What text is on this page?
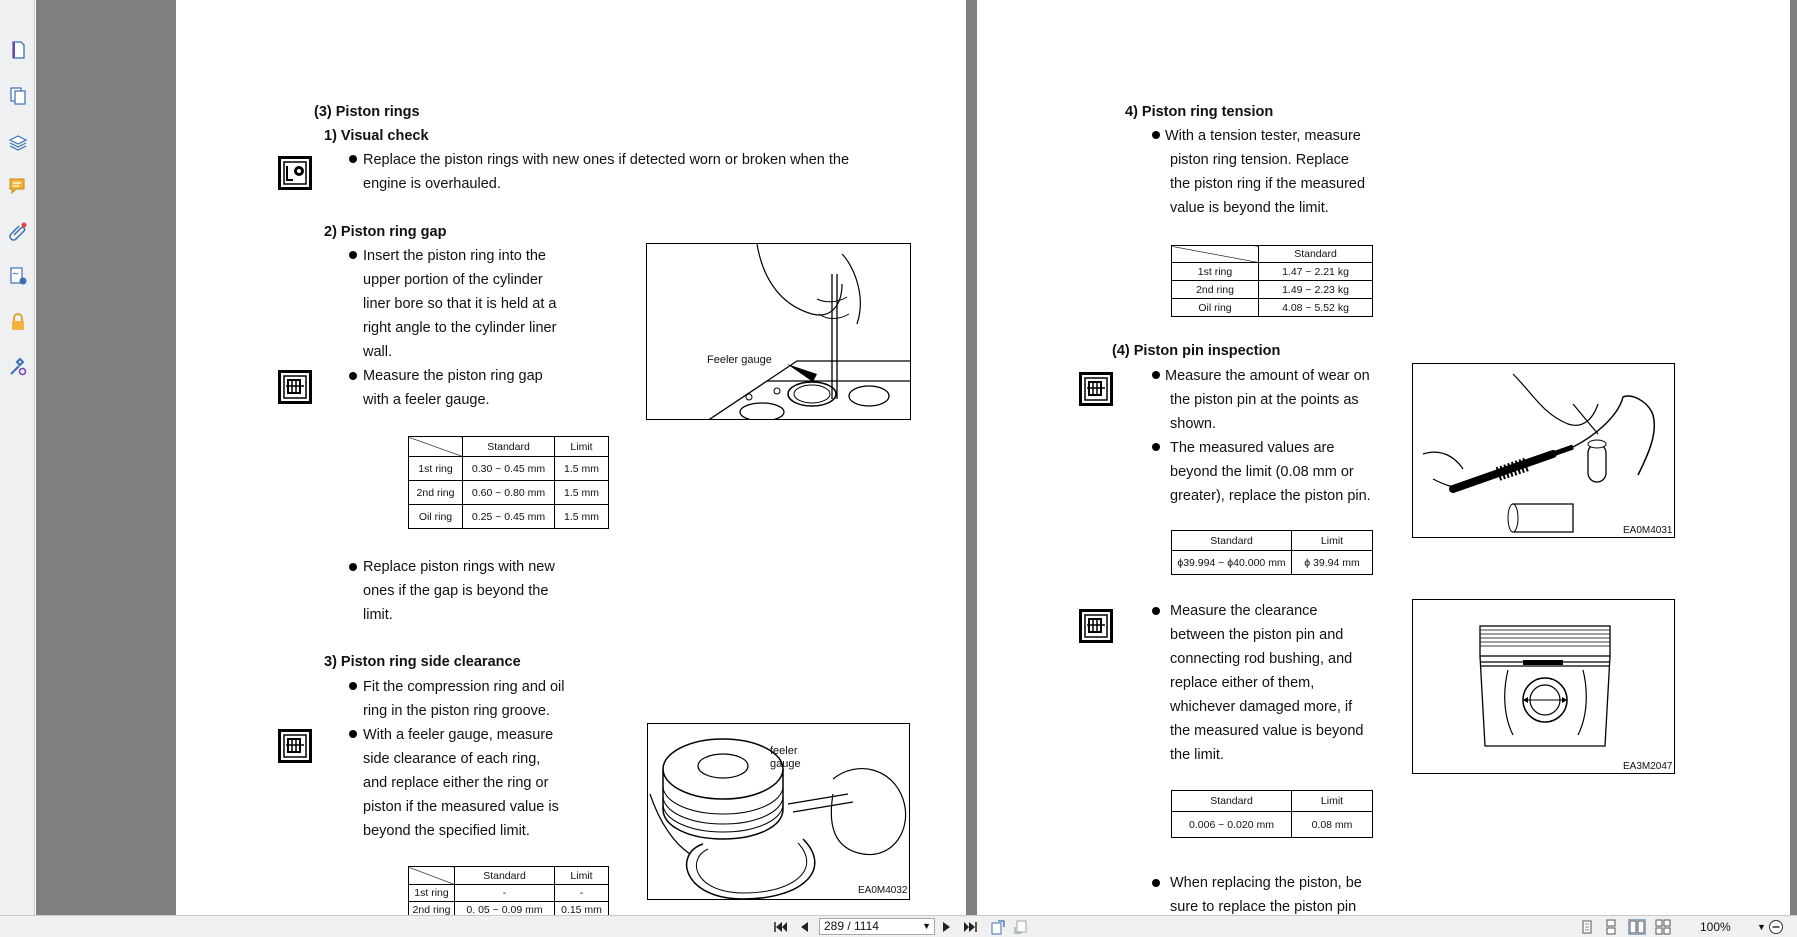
(3) Piston rings
1) Visual check
Replace the piston rings with new ones if detected worn or broken when the
engine is overhauled.
2) Piston ring gap
Insert the piston ring into the
upper portion of the cylinder
liner bore so that it is held at a
right angle to the cylinder liner
wall.
Measure the piston ring gap
with a feeler gauge.
Feeler gauge
	Standard	Limit
1st ring	0.30 ~ 0.45 mm	1.5 mm
2nd ring	0.60 ~ 0.80 mm	1.5 mm
Oil ring	0.25 ~ 0.45 mm	1.5 mm
Replace piston rings with new
ones if the gap is beyond the
limit.
3) Piston ring side clearance
Fit the compression ring and oil
ring in the piston ring groove.
With a feeler gauge, measure
side clearance of each ring,
and replace either the ring or
piston if the measured value is
beyond the specified limit.
feeler
gauge
EA0M4032
	Standard	Limit
1st ring	-	-
2nd ring	0. 05 ~ 0.09 mm	0.15 mm
4) Piston ring tension
With a tension tester, measure
piston ring tension. Replace
the piston ring if the measured
value is beyond the limit.
	Standard
1st ring	1.47 ~ 2.21 kg
2nd ring	1.49 ~ 2.23 kg
Oil ring	4.08 ~ 5.52 kg
(4) Piston pin inspection
Measure the amount of wear on
the piston pin at the points as
shown.
The measured values are
beyond the limit (0.08 mm or
greater), replace the piston pin.
EA0M4031
Standard	Limit
ϕ39.994 ~ ϕ40.000 mm	ϕ 39.94 mm
Measure the clearance
between the piston pin and
connecting rod bushing, and
replace either of them,
whichever damaged more, if
the measured value is beyond
the limit.
EA3M2047
Standard	Limit
0.006 ~ 0.020 mm	0.08 mm
When replacing the piston, be
sure to replace the piston pin
289 / 1114	▼	100%	▼
